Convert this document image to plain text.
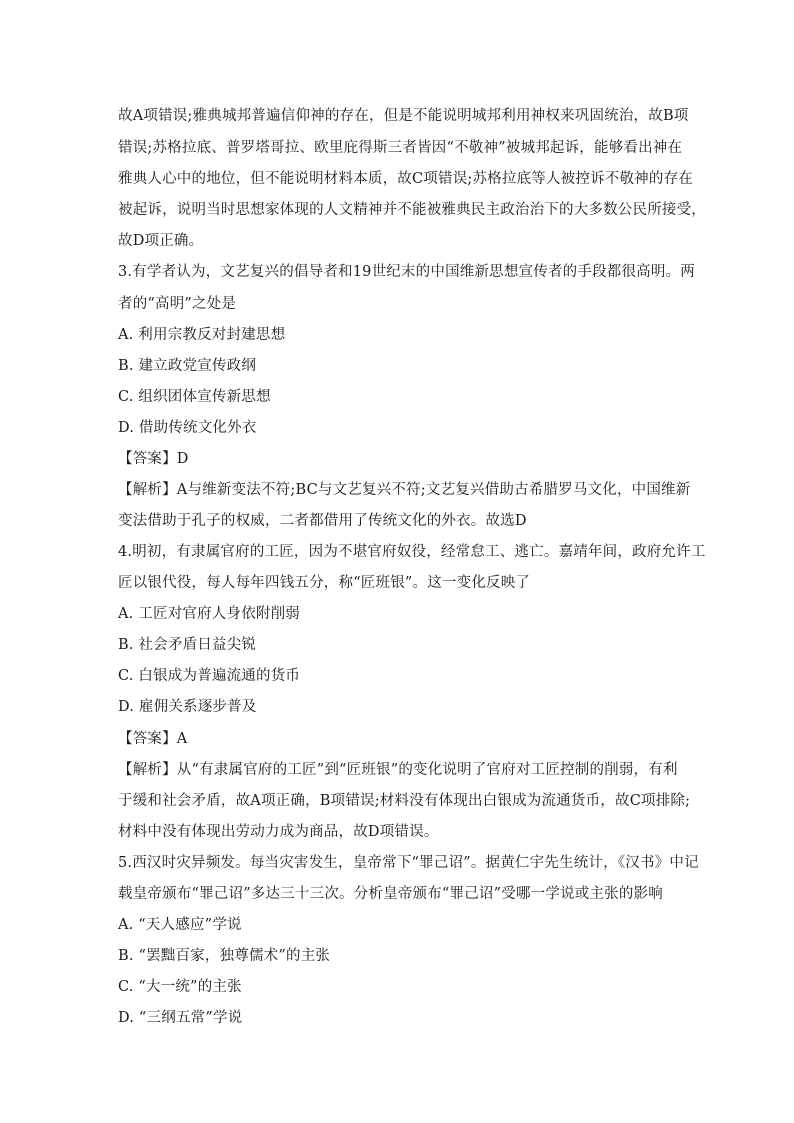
故A项错误;雅典城邦普遍信仰神的存在，但是不能说明城邦利用神权来巩固统治，故B项
错误;苏格拉底、普罗塔哥拉、欧里庇得斯三者皆因“不敬神”被城邦起诉，能够看出神在
雅典人心中的地位，但不能说明材料本质，故C项错误;苏格拉底等人被控诉不敬神的存在
被起诉，说明当时思想家体现的人文精神并不能被雅典民主政治治下的大多数公民所接受，
故D项正确。
3.有学者认为，文艺复兴的倡导者和19世纪末的中国维新思想宣传者的手段都很高明。两
者的“高明”之处是
A. 利用宗教反对封建思想
B. 建立政党宣传政纲
C. 组织团体宣传新思想
D. 借助传统文化外衣
【答案】D
【解析】A与维新变法不符;BC与文艺复兴不符;文艺复兴借助古希腊罗马文化，中国维新
变法借助于孔子的权威，二者都借用了传统文化的外衣。故选D
4.明初，有隶属官府的工匠，因为不堪官府奴役，经常怠工、逃亡。嘉靖年间，政府允许工
匠以银代役，每人每年四钱五分，称“匠班银”。这一变化反映了
A. 工匠对官府人身依附削弱
B. 社会矛盾日益尖锐
C. 白银成为普遍流通的货币
D. 雇佣关系逐步普及
【答案】A
【解析】从“有隶属官府的工匠”到“匠班银”的变化说明了官府对工匠控制的削弱，有利
于缓和社会矛盾，故A项正确，B项错误;材料没有体现出白银成为流通货币，故C项排除;
材料中没有体现出劳动力成为商品，故D项错误。
5.西汉时灾异频发。每当灾害发生，皇帝常下“罪己诏”。据黄仁宇先生统计，《汉书》中记
载皇帝颁布“罪己诏”多达三十三次。分析皇帝颁布“罪己诏”受哪一学说或主张的影响
A. “天人感应”学说
B. “罢黜百家，独尊儒术”的主张
C. “大一统”的主张
D. “三纲五常”学说
